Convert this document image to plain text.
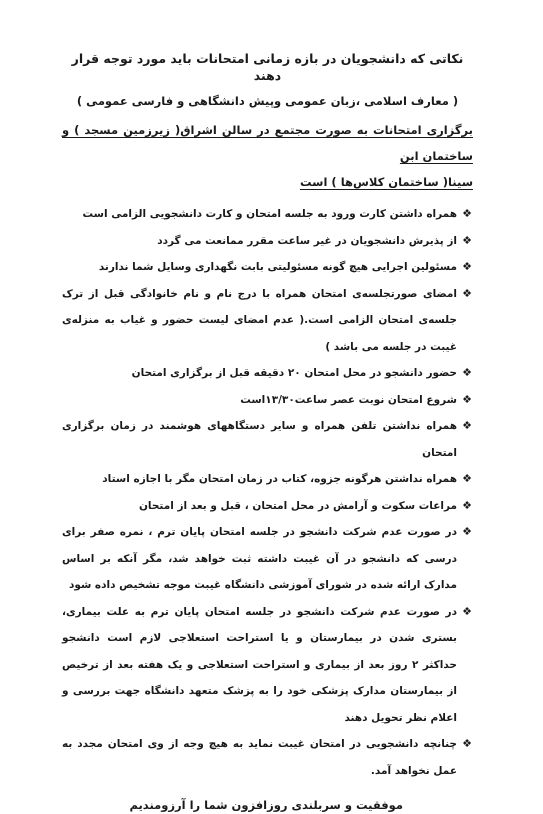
نکاتی که دانشجویان در بازه زمانی امتحانات باید مورد توجه قرار دهند
( معارف اسلامی ،زبان عمومی وپیش دانشگاهی و فارسی عمومی )
برگزاری امتحانات به صورت مجتمع در سالن اشراق( زیرزمین مسجد ) و ساختمان ابن
سینا( ساختمان کلاس‌ها ) است
❖
همراه داشتن کارت ورود به جلسه امتحان و کارت دانشجویی الزامی است
❖
از پذیرش دانشجویان در غیر ساعت مقرر ممانعت می گردد
❖
مسئولین اجرایی هیچ گونه مسئولیتی بابت نگهداری وسایل شما ندارند
❖
امضای صورتجلسه‌ی امتحان همراه با درج نام و نام خانوادگی قبل از ترک جلسه‌ی امتحان الزامی است.( عدم امضای لیست حضور و غیاب به منزله‌ی غیبت در جلسه می باشد )
❖
حضور دانشجو در محل امتحان ۲۰ دقیقه قبل از برگزاری امتحان
❖
شروع امتحان نوبت عصر ساعت۱۳/۳۰است
❖
همراه نداشتن تلفن همراه و سایر دستگاههای هوشمند در زمان برگزاری امتحان
❖
همراه نداشتن هرگونه جزوه، کتاب در زمان امتحان مگر با اجازه استاد
❖
مراعات سکوت و آرامش در محل امتحان ، قبل و بعد از امتحان
❖
در صورت عدم شرکت دانشجو در جلسه امتحان پایان ترم ، نمره صفر برای درسی که دانشجو در آن غیبت داشته ثبت خواهد شد، مگر آنکه بر اساس مدارک ارائه شده در شورای آموزشی دانشگاه غیبت موجه تشخیص داده شود
❖
در صورت عدم شرکت دانشجو در جلسه امتحان پایان ترم به علت بیماری، بستری شدن در بیمارستان و یا استراحت استعلاجی لازم است دانشجو حداکثر ۲ روز بعد از بیماری و استراحت استعلاجی و یک هفته بعد از ترخیص از بیمارستان مدارک پزشکی خود را به پزشک متعهد دانشگاه جهت بررسی و اعلام نظر تحویل دهند
❖
چنانچه دانشجویی در امتحان غیبت نماید به هیچ وجه از وی امتحان مجدد به عمل نخواهد آمد.
موفقیت و سربلندی روزافزون شما را آرزومندیم
